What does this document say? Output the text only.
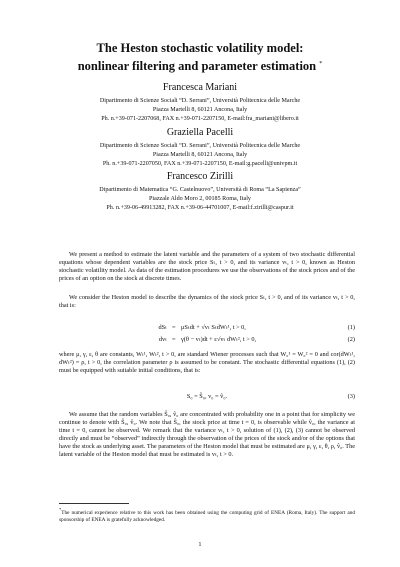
The Heston stochastic volatility model:
nonlinear filtering and parameter estimation *
Francesca Mariani
Dipartimento di Scienze Sociali “D. Serrani”, Università Politecnica delle Marche
Piazza Martelli 8, 60121 Ancona, Italy
Ph. n.+39-071-2207068, FAX n.+39-071-2207150, E-mail:fra_mariani@libero.it
Graziella Pacelli
Dipartimento di Scienze Sociali “D. Serrani”, Università Politecnica delle Marche
Piazza Martelli 8, 60121 Ancona, Italy
Ph. n.+39-071-2207050, FAX n.+39-071-2207150, E-mail:g.pacelli@univpm.it
Francesco Zirilli
Dipartimento di Matematica “G. Castelnuovo”, Università di Roma “La Sapienza”
Piazzale Aldo Moro 2, 00185 Roma, Italy
Ph. n.+39-06-49913282, FAX n.+39-06-44701007, E-mail:f.zirilli@caspur.it

We present a method to estimate the latent variable and the parameters of a system of two stochastic differential equations whose dependent variables are the stock price Sₜ, t > 0, and its variance vₜ, t > 0, known as Heston stochastic volatility model. As data of the estimation procedures we use the observations of the stock prices and of the prices of an option on the stock at discrete times.

We consider the Heston model to describe the dynamics of the stock price Sₜ, t > 0, and of its variance vₜ, t > 0, that is:

dSₜ = μSₜdt + √vₜ SₜdWₜ¹, t > 0,	(1)
dvₜ = γ(θ − vₜ)dt + ε√vₜ dWₜ², t > 0,	(2)

where μ, γ, ε, θ are constants, Wₜ¹, Wₜ², t > 0, are standard Wiener processes such that W₀¹ = W₀² = 0 and cor(dWₜ¹, dWₜ²) = ρ, t > 0, the correlation parameter ρ is assumed to be constant. The stochastic differential equations (1), (2) must be equipped with suitable initial conditions, that is:

S₀ = Ŝ₀, v₀ = v̂₀.	(3)

We assume that the random variables Ŝ₀, v̂₀ are concentrated with probability one in a point that for simplicity we continue to denote with Ŝ₀, v̂₀. We note that Ŝ₀, the stock price at time t = 0, is observable while v̂₀, the variance at time t = 0, cannot be observed. We remark that the variance vₜ, t > 0, solution of (1), (2), (3) cannot be observed directly and must be “observed” indirectly through the observation of the prices of the stock and/or of the options that have the stock as underlying asset. The parameters of the Heston model that must be estimated are μ, γ, ε, θ, ρ, v̂₀. The latent variable of the Heston model that must be estimated is vₜ, t > 0.

*The numerical experience relative to this work has been obtained using the computing grid of ENEA (Roma, Italy). The support and sponsorship of ENEA is gratefully acknowledged.
1
